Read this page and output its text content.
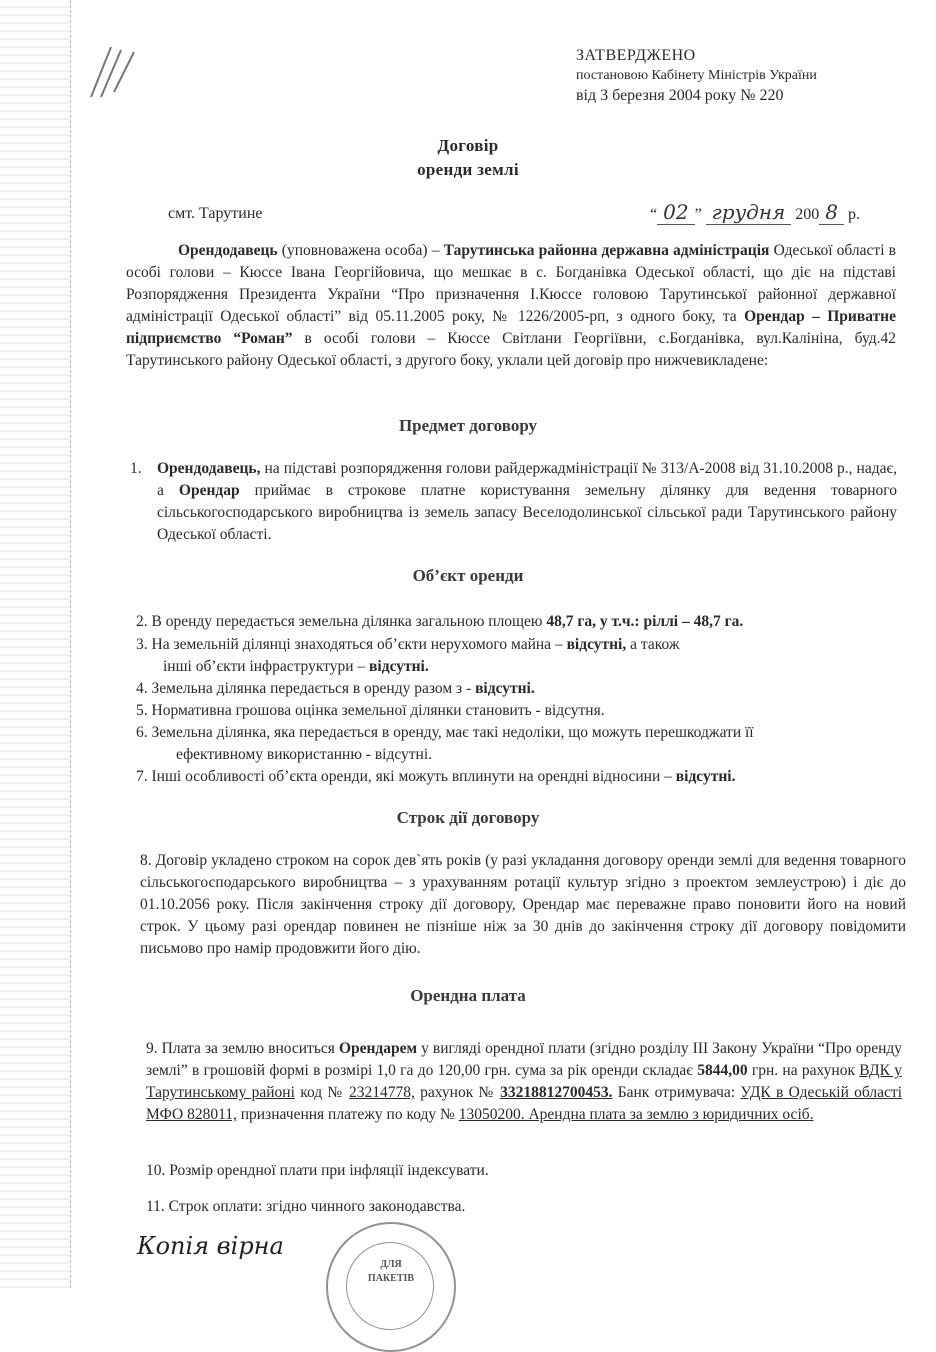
ЗАТВЕРДЖЕНО
постановою Кабінету Міністрів України
від 3 березня 2004 року № 220
Договір
оренди землі
смт. Тарутине	“ 02 ” грудня 200 8 р.
Орендодавець (уповноважена особа) – Тарутинська районна державна адміністрація Одеської області в особі голови – Кюссе Івана Георгійовича, що мешкає в с. Богданівка Одеської області, що діє на підставі Розпорядження Президента України “Про призначення І.Кюссе головою Тарутинської районної державної адміністрації Одеської області” від 05.11.2005 року, № 1226/2005-рп, з одного боку, та Орендар – Приватне підприємство “Роман” в особі голови – Кюссе Світлани Георгіївни, с.Богданівка, вул.Калініна, буд.42 Тарутинського району Одеської області, з другого боку, уклали цей договір про нижчевикладене:
Предмет договору
1. Орендодавець, на підставі розпорядження голови райдержадміністрації № 313/А-2008 від 31.10.2008 р., надає, а Орендар приймає в строкове платне користування земельну ділянку для ведення товарного сільськогосподарського виробництва із земель запасу Веселодолинської сільської ради Тарутинського району Одеської області.
Об’єкт оренди
2. В оренду передається земельна ділянка загальною площею 48,7 га, у т.ч.: ріллі – 48,7 га.
3. На земельній ділянці знаходяться об’єкти нерухомого майна – відсутні, а також
інші об’єкти інфраструктури – відсутні.
4. Земельна ділянка передається в оренду разом з - відсутні.
5. Нормативна грошова оцінка земельної ділянки становить - відсутня.
6. Земельна ділянка, яка передається в оренду, має такі недоліки, що можуть перешкоджати її
ефективному використанню - відсутні.
7. Інші особливості об’єкта оренди, які можуть вплинути на орендні відносини – відсутні.
Строк дії договору
8. Договір укладено строком на сорок дев`ять років (у разі укладання договору оренди землі для ведення товарного сільськогосподарського виробництва – з урахуванням ротації культур згідно з проектом землеустрою) і діє до 01.10.2056 року. Після закінчення строку дії договору, Орендар має переважне право поновити його на новий строк. У цьому разі орендар повинен не пізніше ніж за 30 днів до закінчення строку дії договору повідомити письмово про намір продовжити його дію.
Орендна плата
9. Плата за землю вноситься Орендарем у вигляді орендної плати (згідно розділу ІІІ Закону України “Про оренду землі” в грошовій формі в розмірі 1,0 га до 120,00 грн. сума за рік оренди складає 5844,00 грн. на рахунок ВДК у Тарутинському районі код № 23214778, рахунок № 33218812700453. Банк отримувача: УДК в Одеській області МФО 828011, призначення платежу по коду № 13050200. Арендна плата за землю з юридичних осіб.
10. Розмір орендної плати при інфляції індексувати.
11. Строк оплати: згідно чинного законодавства.
Копія вірна
ДЛЯ ПАКЕТІВ
